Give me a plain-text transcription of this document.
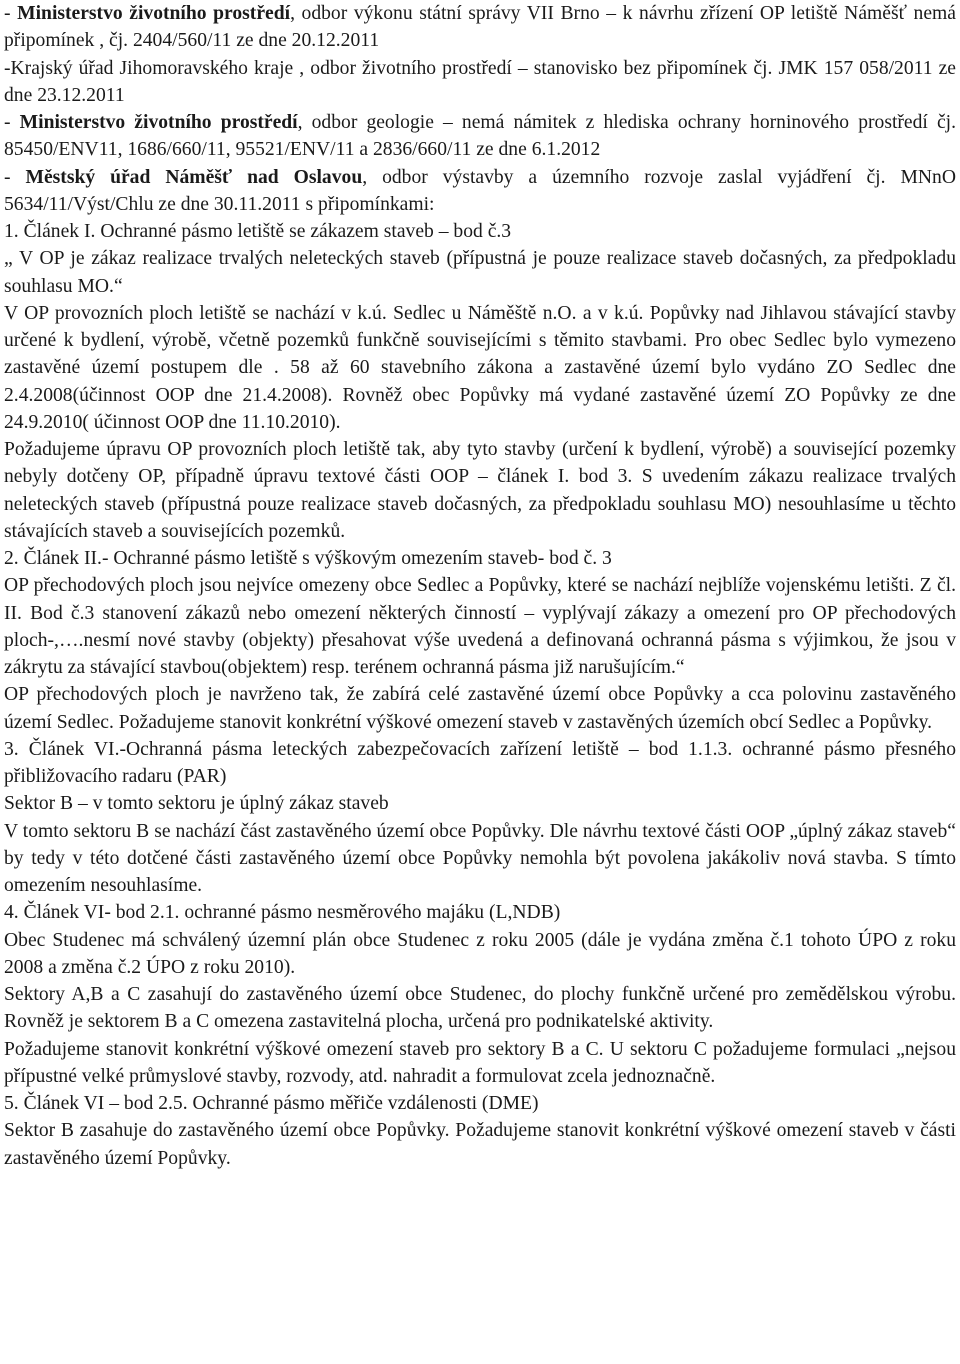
- Ministerstvo životního prostředí, odbor výkonu státní správy VII Brno – k návrhu zřízení OP letiště Náměšť nemá připomínek , čj. 2404/560/11 ze dne 20.12.2011

-Krajský úřad Jihomoravského kraje , odbor životního prostředí – stanovisko bez připomínek čj. JMK 157 058/2011 ze dne 23.12.2011

- Ministerstvo životního prostředí, odbor geologie – nemá námitek z hlediska ochrany horninového prostředí čj. 85450/ENV11, 1686/660/11, 95521/ENV/11 a 2836/660/11 ze dne 6.1.2012

- Městský úřad Náměšť nad Oslavou, odbor výstavby a územního rozvoje zaslal vyjádření čj. MNnO 5634/11/Výst/Chlu ze dne 30.11.2011 s připomínkami:

1. Článek I. Ochranné pásmo letiště se zákazem staveb – bod č.3

„ V OP je zákaz realizace trvalých neleteckých staveb (přípustná je pouze realizace staveb dočasných, za předpokladu souhlasu MO.“

V OP provozních ploch letiště se nachází v k.ú. Sedlec u Náměště n.O. a v k.ú. Popůvky nad Jihlavou stávající stavby určené k bydlení, výrobě, včetně pozemků funkčně souvisejícími s těmito stavbami. Pro obec Sedlec bylo vymezeno zastavěné území postupem dle . 58 až 60 stavebního zákona a zastavěné území bylo vydáno ZO Sedlec dne 2.4.2008(účinnost OOP dne 21.4.2008). Rovněž obec Popůvky má vydané zastavěné území ZO Popůvky ze dne 24.9.2010( účinnost OOP dne 11.10.2010).

Požadujeme úpravu OP provozních ploch letiště tak, aby tyto stavby (určení k bydlení, výrobě) a související pozemky nebyly dotčeny OP, případně úpravu textové části OOP – článek I. bod 3. S uvedením zákazu realizace trvalých neleteckých staveb (přípustná pouze realizace staveb dočasných, za předpokladu souhlasu MO) nesouhlasíme u těchto stávajících staveb a souvisejících pozemků.

2. Článek II.- Ochranné pásmo letiště s výškovým omezením staveb- bod č. 3

OP přechodových ploch jsou nejvíce omezeny obce Sedlec a Popůvky, které se nachází nejblíže vojenskému letišti. Z čl. II. Bod č.3 stanovení zákazů nebo omezení některých činností – vyplývají zákazy a omezení pro OP přechodových ploch-,….nesmí nové stavby (objekty) přesahovat výše uvedená a definovaná ochranná pásma s výjimkou, že jsou v zákrytu za stávající stavbou(objektem) resp. terénem ochranná pásma již narušujícím.“

OP přechodových ploch je navrženo tak, že zabírá celé zastavěné území obce Popůvky a cca polovinu zastavěného území Sedlec. Požadujeme stanovit konkrétní výškové omezení staveb v zastavěných územích obcí Sedlec a Popůvky.

3. Článek VI.-Ochranná pásma leteckých zabezpečovacích zařízení letiště – bod 1.1.3. ochranné pásmo přesného přibližovacího radaru (PAR)

Sektor B – v tomto sektoru je úplný zákaz staveb

V tomto sektoru B se nachází část zastavěného území obce Popůvky. Dle návrhu textové části OOP „úplný zákaz staveb“ by tedy v této dotčené části zastavěného území obce Popůvky nemohla být povolena jakákoliv nová stavba. S tímto omezením nesouhlasíme.

4. Článek VI- bod 2.1. ochranné pásmo nesměrového majáku (L,NDB)

Obec Studenec má schválený územní plán obce Studenec z roku 2005 (dále je vydána změna č.1 tohoto ÚPO z roku 2008 a změna č.2 ÚPO z roku 2010).

Sektory A,B a C zasahují do zastavěného území obce Studenec, do plochy funkčně určené pro zemědělskou výrobu. Rovněž je sektorem B a C omezena zastavitelná plocha, určená pro podnikatelské aktivity.

Požadujeme stanovit konkrétní výškové omezení staveb pro sektory B a C. U sektoru C požadujeme formulaci „nejsou přípustné velké průmyslové stavby, rozvody, atd. nahradit a formulovat zcela jednoznačně.

5. Článek VI – bod 2.5. Ochranné pásmo měřiče vzdálenosti (DME)

Sektor B zasahuje do zastavěného území obce Popůvky. Požadujeme stanovit konkrétní výškové omezení staveb v části zastavěného území Popůvky.
